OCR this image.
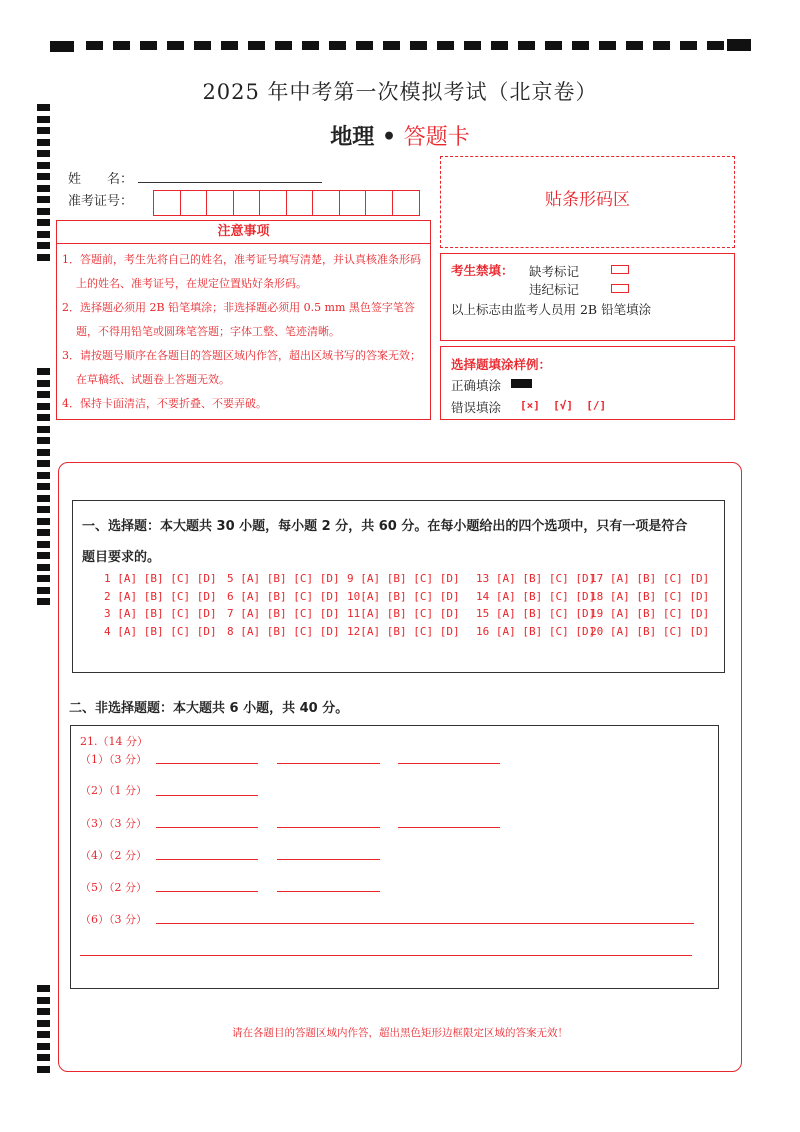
2025 年中考第一次模拟考试（北京卷）
地理 • 答题卡
姓　　名：
准考证号：
注意事项
1．答题前，考生先将自己的姓名，准考证号填写清楚，并认真核准条形码上的姓名、准考证号，在规定位置贴好条形码。
2．选择题必须用 2B 铅笔填涂；非选择题必须用 0.5 mm 黑色签字笔答题，不得用铅笔或圆珠笔答题；字体工整、笔迹清晰。
3．请按题号顺序在各题目的答题区域内作答，超出区域书写的答案无效；在草稿纸、试题卷上答题无效。
4．保持卡面清洁，不要折叠、不要弄破。
贴条形码区
考生禁填： 缺考标记
违纪标记
以上标志由监考人员用 2B 铅笔填涂
选择题填涂样例：
正确填涂
错误填涂 [×]  [√]  [/]
一、选择题：本大题共 30 小题，每小题 2 分，共 60 分。在每小题给出的四个选项中，只有一项是符合
题目要求的。
1 [A] [B] [C] [D]
2 [A] [B] [C] [D]
3 [A] [B] [C] [D]
4 [A] [B] [C] [D]
5 [A] [B] [C] [D]
6 [A] [B] [C] [D]
7 [A] [B] [C] [D]
8 [A] [B] [C] [D]
9 [A] [B] [C] [D]
10[A] [B] [C] [D]
11[A] [B] [C] [D]
12[A] [B] [C] [D]
13 [A] [B] [C] [D]
14 [A] [B] [C] [D]
15 [A] [B] [C] [D]
16 [A] [B] [C] [D]
17 [A] [B] [C] [D]
18 [A] [B] [C] [D]
19 [A] [B] [C] [D]
20 [A] [B] [C] [D]
二、非选择题题：本大题共 6 小题，共 40 分。
21.（14 分）
（1）（3 分）
（2）（1 分）
（3）（3 分）
（4）（2 分）
（5）（2 分）
（6）（3 分）
请在各题目的答题区域内作答，超出黑色矩形边框限定区域的答案无效！
